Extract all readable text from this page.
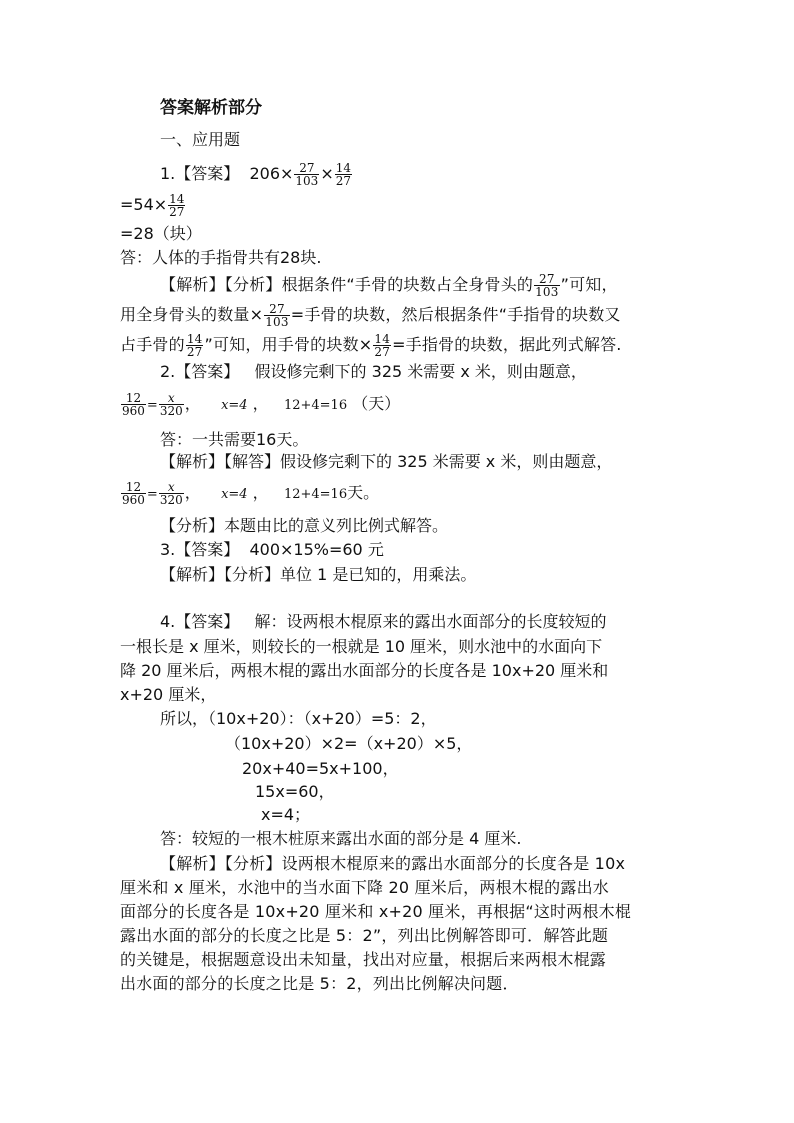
答案解析部分
一、应用题
1.【答案】 $206\times \frac{27}{103} \times \frac{14}{27}$
$=54\times \frac{14}{27}$
=28（块）
答：人体的手指骨共有28块.
【解析】【分析】根据条件“手骨的块数占全身骨头的 $\frac{27}{103}$ ”可知，
用全身骨头的数量× $\frac{27}{103}$ =手骨的块数，然后根据条件“手指骨的块数又
占手骨的 $\frac{14}{27}$ ”可知，用手骨的块数× $\frac{14}{27}$ =手指骨的块数，据此列式解答.
2.【答案】 假设修完剩下的 325 米需要 x 米，则由题意，
$\frac{12}{960} = \frac{x}{320}$ ， x=4 ， 12+4=16 （天）
答：一共需要16天。
【解析】【解答】假设修完剩下的 325 米需要 x 米，则由题意，
$\frac{12}{960} = \frac{x}{320}$ ， x=4 ， 12+4=16天。
【分析】本题由比的意义列比例式解答。
3.【答案】 400×15%=60 元
【解析】【分析】单位 1 是已知的，用乘法。
4.【答案】 解：设两根木棍原来的露出水面部分的长度较短的
一根长是 x 厘米，则较长的一根就是 10 厘米，则水池中的水面向下
降 20 厘米后，两根木棍的露出水面部分的长度各是 10x+20 厘米和
x+20 厘米，
所以，（10x+20）：（x+20）=5：2，
（10x+20）×2=（x+20）×5，
20x+40=5x+100，
15x=60，
x=4；
答：较短的一根木桩原来露出水面的部分是 4 厘米.
【解析】【分析】设两根木棍原来的露出水面部分的长度各是 10x
厘米和 x 厘米，水池中的当水面下降 20 厘米后，两根木棍的露出水
面部分的长度各是 10x+20 厘米和 x+20 厘米，再根据“这时两根木棍
露出水面的部分的长度之比是 5：2”，列出比例解答即可．解答此题
的关键是，根据题意设出未知量，找出对应量，根据后来两根木棍露
出水面的部分的长度之比是 5：2，列出比例解决问题．
